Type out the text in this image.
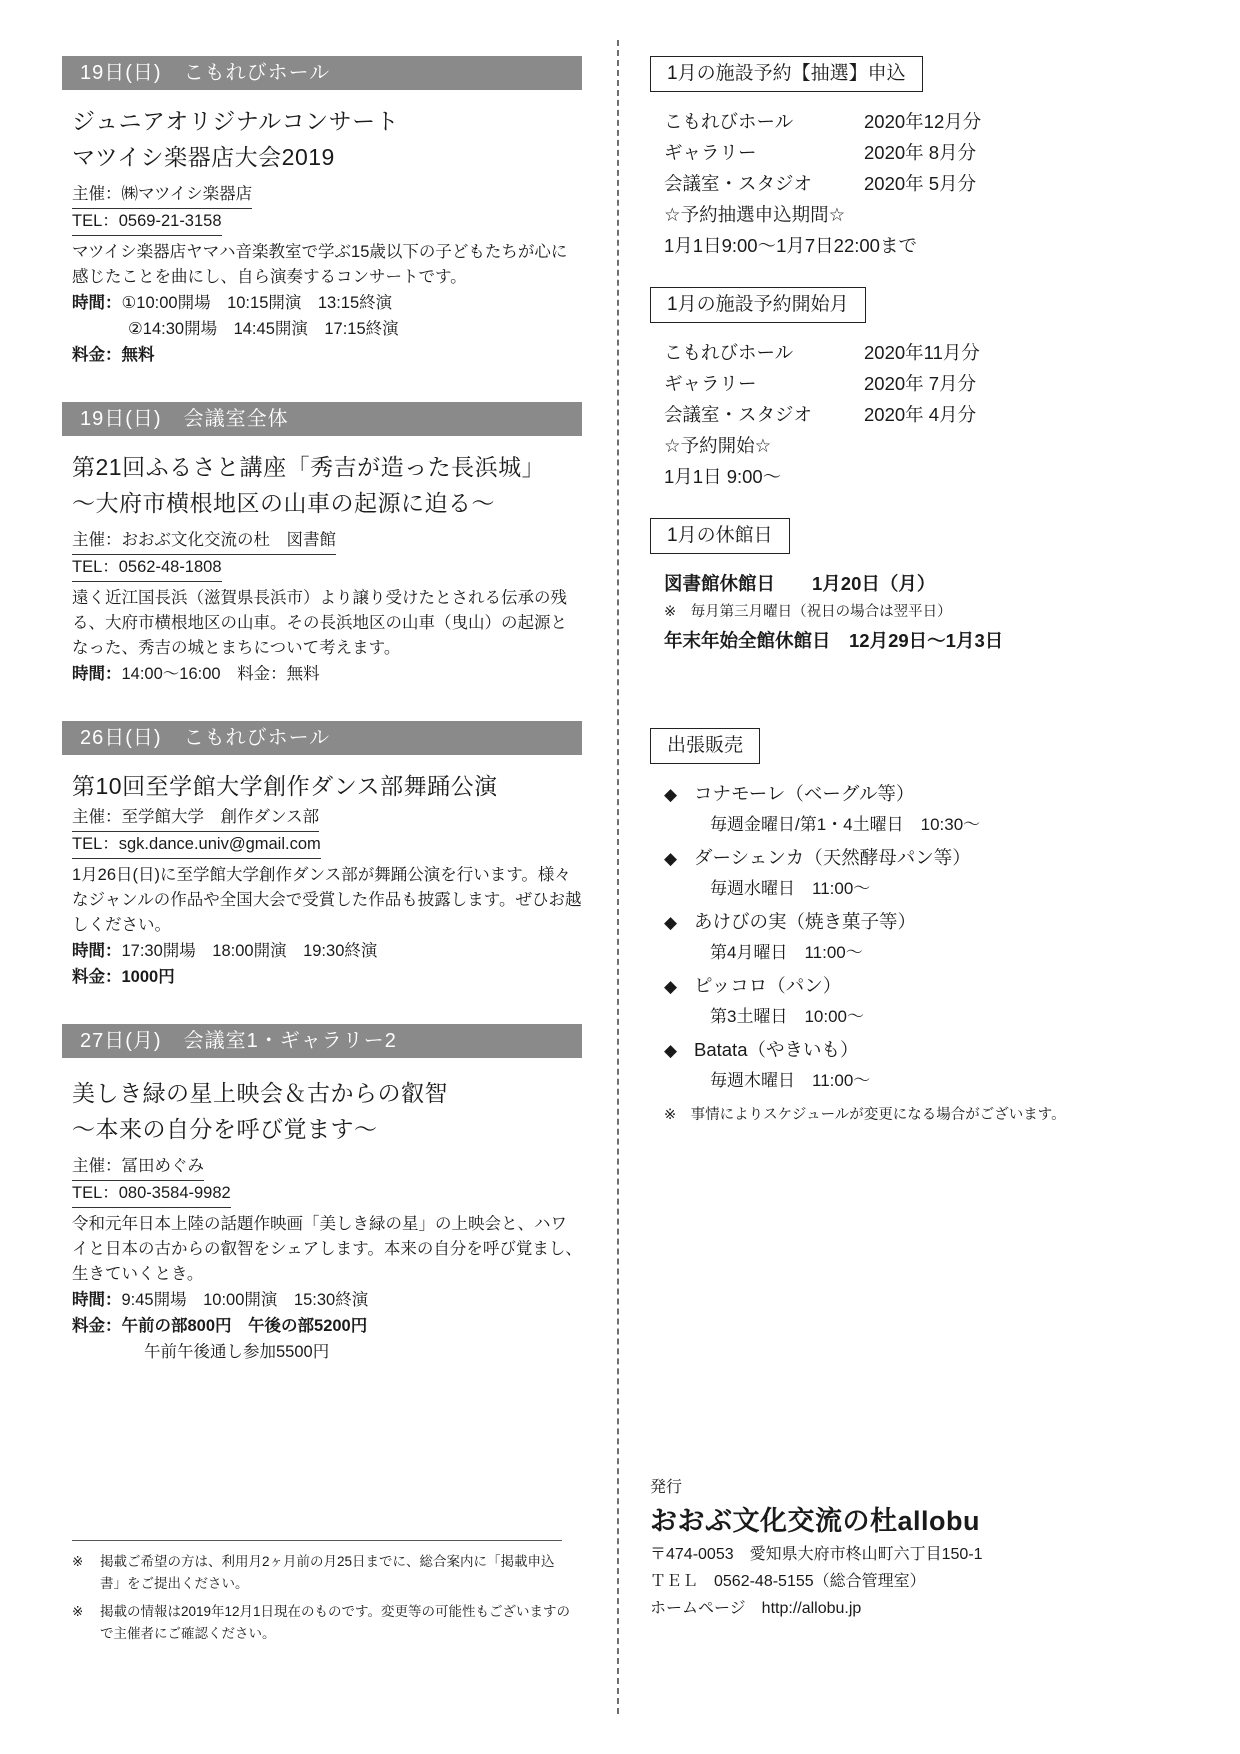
19日(日) こもれびホール
ジュニアオリジナルコンサート
マツイシ楽器店大会2019
主催：㈱マツイシ楽器店
TEL：0569-21-3158
マツイシ楽器店ヤマハ音楽教室で学ぶ15歳以下の子どもたちが心に感じたことを曲にし、自ら演奏するコンサートです。
時間：①10:00開場　10:15開演　13:15終演
②14:30開場　14:45開演　17:15終演
料金：無料
19日(日) 会議室全体
第21回ふるさと講座「秀吉が造った長浜城」
〜大府市横根地区の山車の起源に迫る〜
主催：おおぶ文化交流の杜　図書館
TEL：0562-48-1808
遠く近江国長浜（滋賀県長浜市）より譲り受けたとされる伝承の残る、大府市横根地区の山車。その長浜地区の山車（曳山）の起源となった、秀吉の城とまちについて考えます。
時間：14:00〜16:00　料金：無料
26日(日) こもれびホール
第10回至学館大学創作ダンス部舞踊公演
主催：至学館大学　創作ダンス部
TEL：sgk.dance.univ@gmail.com
1月26日(日)に至学館大学創作ダンス部が舞踊公演を行います。様々なジャンルの作品や全国大会で受賞した作品も披露します。ぜひお越しください。
時間：17:30開場　18:00開演　19:30終演
料金：1000円
27日(月) 会議室1・ギャラリー2
美しき緑の星上映会＆古からの叡智
〜本来の自分を呼び覚ます〜
主催：冨田めぐみ
TEL：080-3584-9982
令和元年日本上陸の話題作映画「美しき緑の星」の上映会と、ハワイと日本の古からの叡智をシェアします。本来の自分を呼び覚まし、生きていくとき。
時間：9:45開場　10:00開演　15:30終演
料金：午前の部800円　午後の部5200円
午前午後通し参加5500円
1月の施設予約【抽選】申込
こもれびホール	2020年12月分
ギャラリー	2020年 8月分
会議室・スタジオ	2020年 5月分
☆予約抽選申込期間☆
1月1日9:00〜1月7日22:00まで
1月の施設予約開始月
こもれびホール	2020年11月分
ギャラリー	2020年 7月分
会議室・スタジオ	2020年 4月分
☆予約開始☆
1月1日 9:00〜
1月の休館日
図書館休館日　　1月20日（月）
※　毎月第三月曜日（祝日の場合は翌平日）
年末年始全館休館日　12月29日〜1月3日
出張販売
◆ コナモーレ（ベーグル等）
毎週金曜日/第1・4土曜日　10:30〜
◆ ダーシェンカ（天然酵母パン等）
毎週水曜日　11:00〜
◆ あけびの実（焼き菓子等）
第4月曜日　11:00〜
◆ ピッコロ（パン）
第3土曜日　10:00〜
◆ Batata（やきいも）
毎週木曜日　11:00〜
※　事情によりスケジュールが変更になる場合がございます。
※	掲載ご希望の方は、利用月2ヶ月前の月25日までに、総合案内に「掲載申込書」をご提出ください。
※	掲載の情報は2019年12月1日現在のものです。変更等の可能性もございますので主催者にご確認ください。
発行
おおぶ文化交流の杜allobu
〒474-0053　愛知県大府市柊山町六丁目150-1
ＴＥＬ　0562-48-5155（総合管理室）
ホームページ　http://allobu.jp
